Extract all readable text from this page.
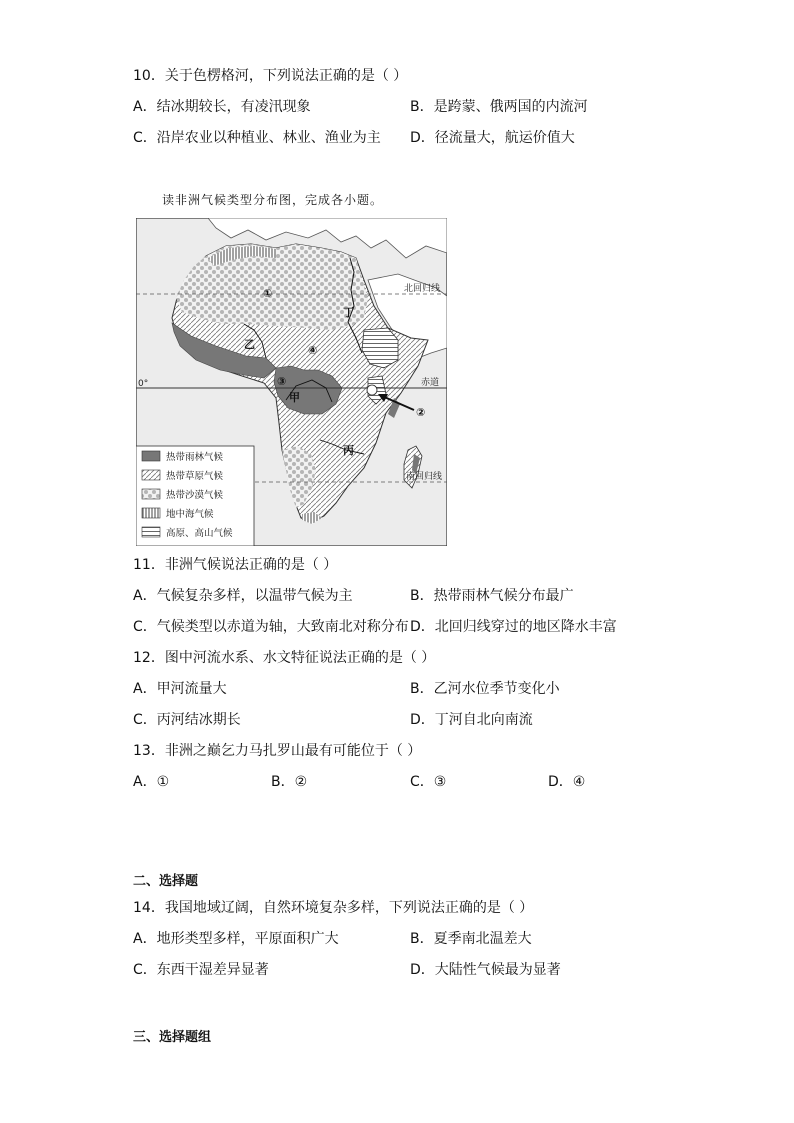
10．关于色楞格河，下列说法正确的是（ ）
A．结冰期较长，有凌汛现象	B．是跨蒙、俄两国的内流河
C．沿岸农业以种植业、林业、渔业为主 D．径流量大，航运价值大
读非洲气候类型分布图，完成各小题。
①
④
③
②
乙
甲
丙
丁
北回归线
赤道
南回归线
0°
热带雨林气候
热带草原气候
热带沙漠气候
地中海气候
高原、高山气候
11．非洲气候说法正确的是（ ）
A．气候复杂多样，以温带气候为主	B．热带雨林气候分布最广
C．气候类型以赤道为轴，大致南北对称分布 D．北回归线穿过的地区降水丰富
12．图中河流水系、水文特征说法正确的是（ ）
A．甲河流量大	B．乙河水位季节变化小
C．丙河结冰期长	D．丁河自北向南流
13．非洲之巅乞力马扎罗山最有可能位于（ ）
A．①	B．②	C．③	D．④
二、选择题
14．我国地域辽阔，自然环境复杂多样，下列说法正确的是（ ）
A．地形类型多样，平原面积广大	B．夏季南北温差大
C．东西干湿差异显著	D．大陆性气候最为显著
三、选择题组
